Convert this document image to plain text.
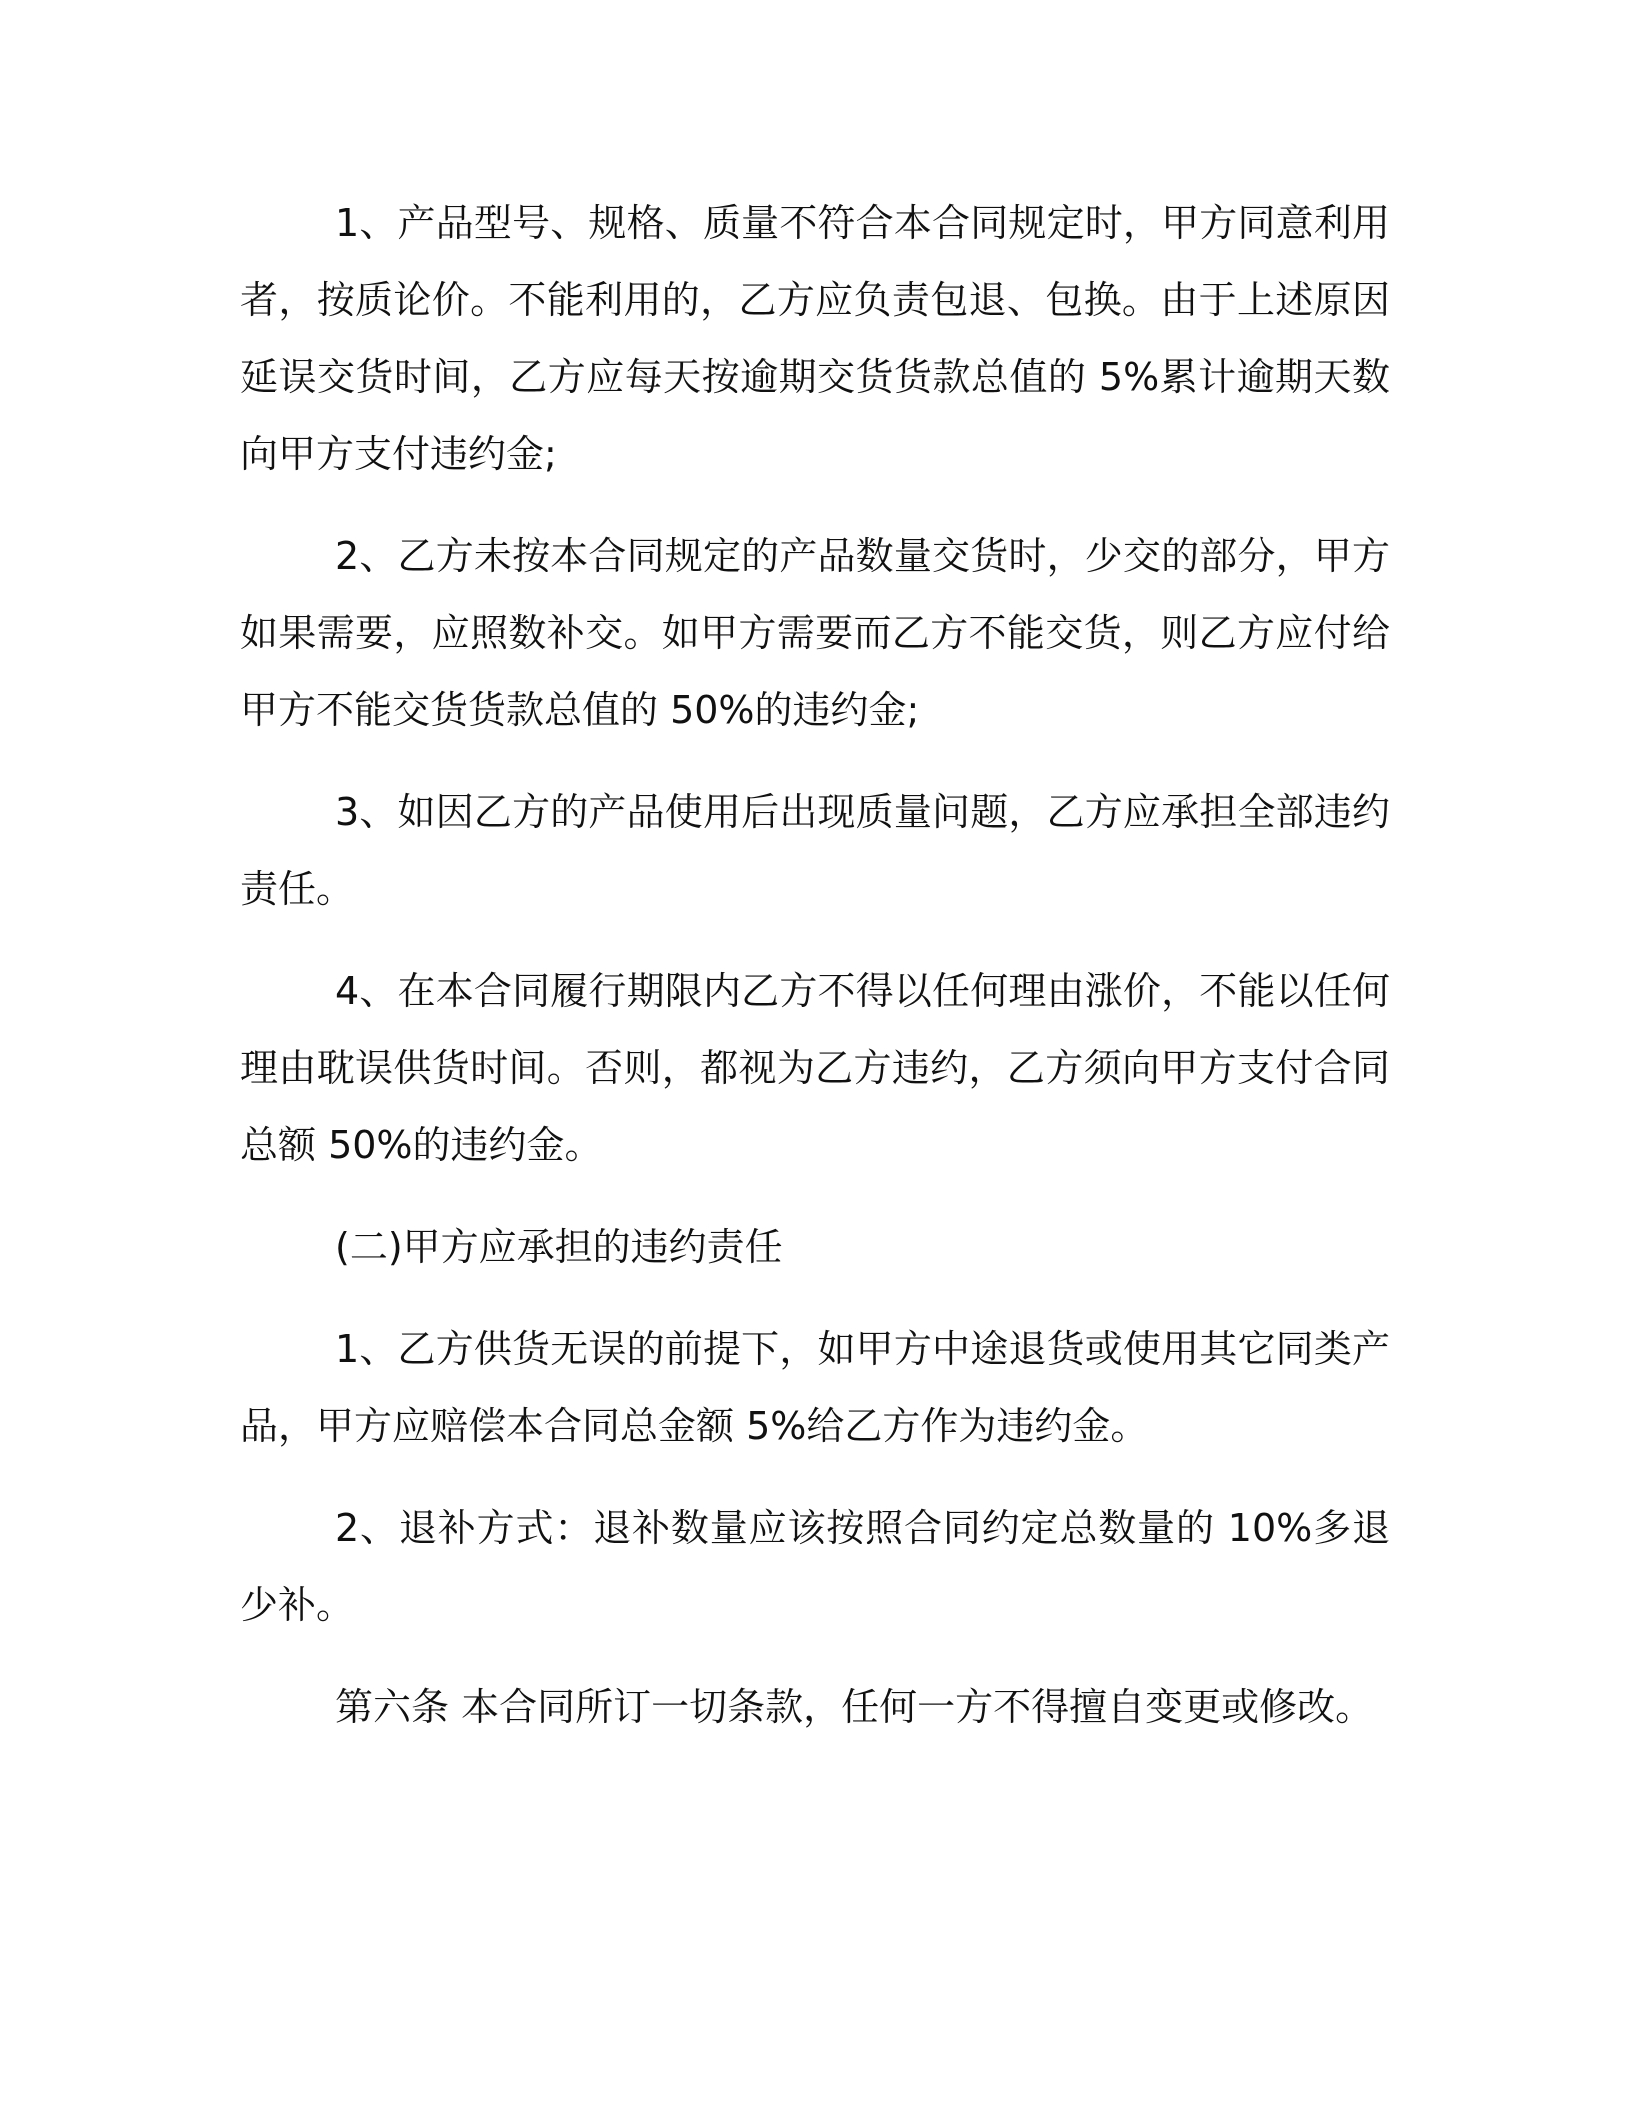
1、产品型号、规格、质量不符合本合同规定时，甲方同意利用者，按质论价。不能利用的，乙方应负责包退、包换。由于上述原因延误交货时间，乙方应每天按逾期交货货款总值的 5%累计逾期天数向甲方支付违约金;

2、乙方未按本合同规定的产品数量交货时，少交的部分，甲方如果需要，应照数补交。如甲方需要而乙方不能交货，则乙方应付给甲方不能交货货款总值的 50%的违约金;

3、如因乙方的产品使用后出现质量问题，乙方应承担全部违约责任。

4、在本合同履行期限内乙方不得以任何理由涨价，不能以任何理由耽误供货时间。否则，都视为乙方违约，乙方须向甲方支付合同总额 50%的违约金。

(二)甲方应承担的违约责任

1、乙方供货无误的前提下，如甲方中途退货或使用其它同类产品，甲方应赔偿本合同总金额 5%给乙方作为违约金。

2、退补方式：退补数量应该按照合同约定总数量的 10%多退少补。

第六条 本合同所订一切条款，任何一方不得擅自变更或修改。
